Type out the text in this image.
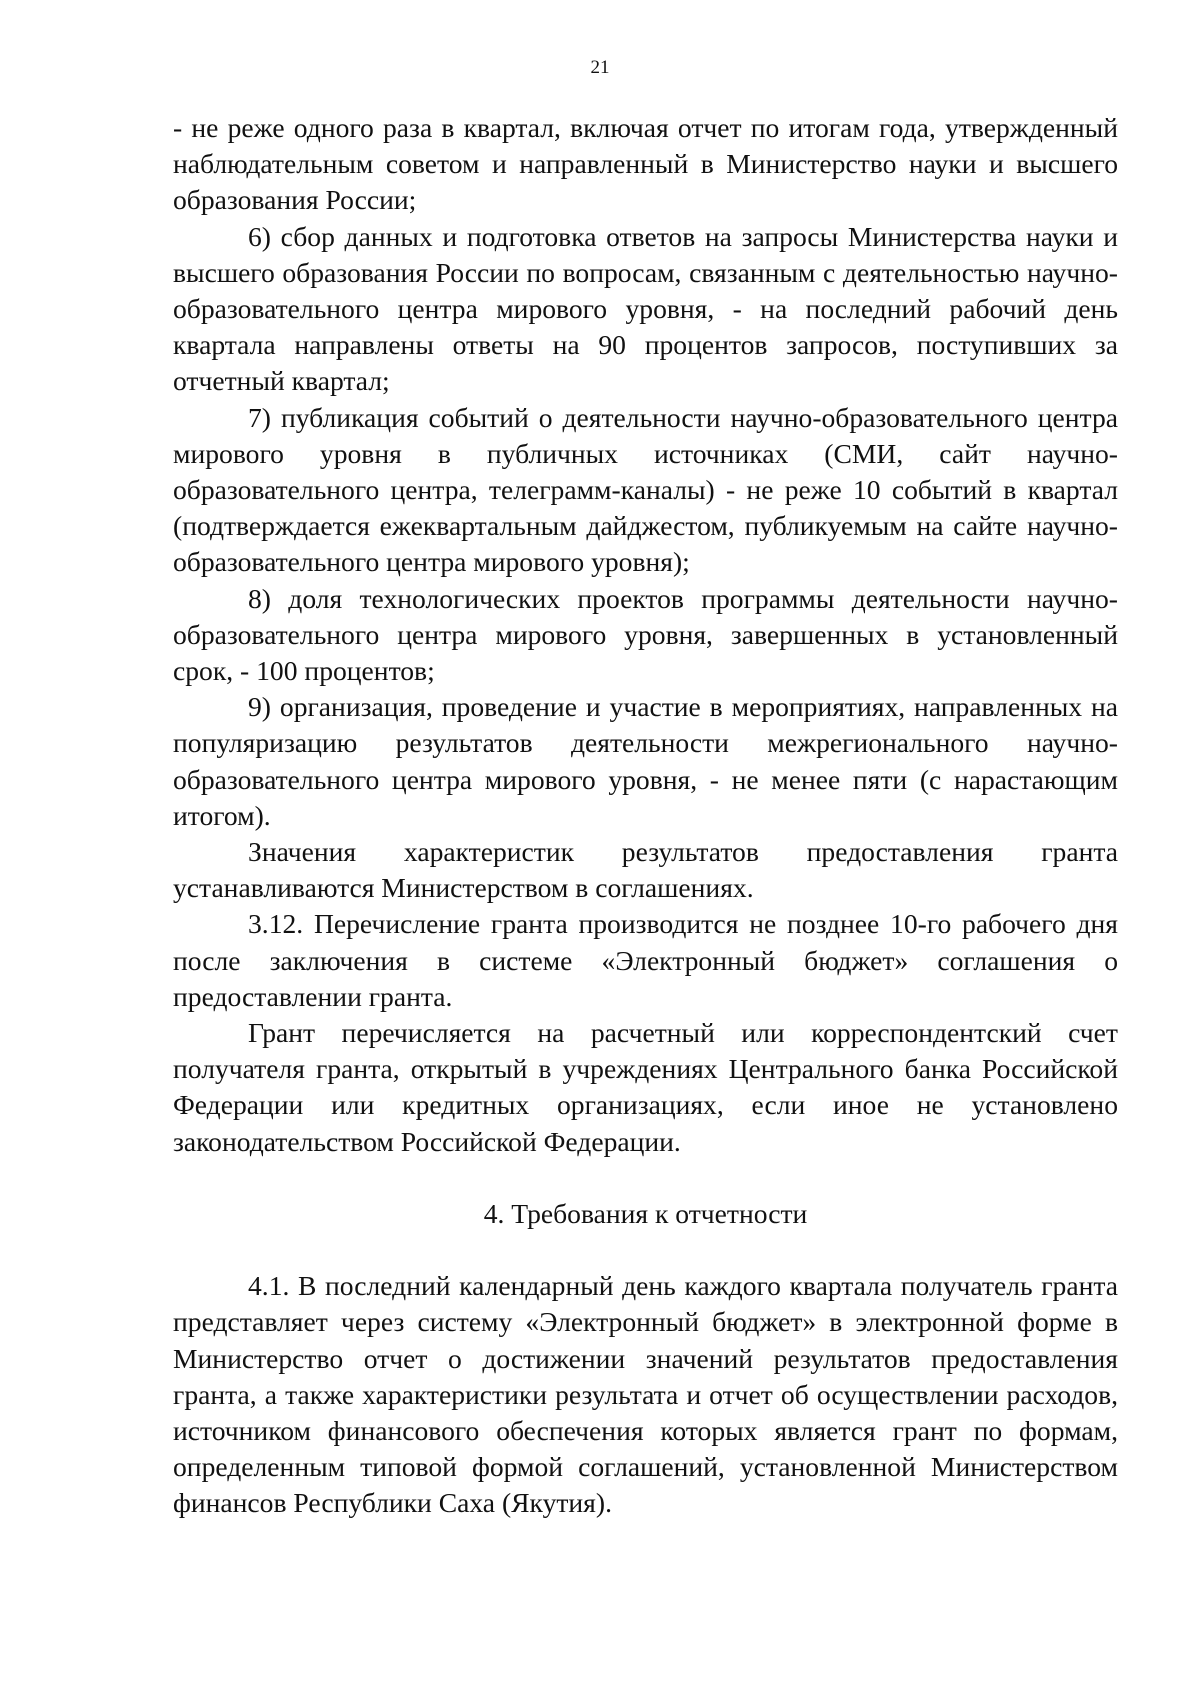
21

- не реже одного раза в квартал, включая отчет по итогам года, утвержденный наблюдательным советом и направленный в Министерство науки и высшего образования России;

6) сбор данных и подготовка ответов на запросы Министерства науки и высшего образования России по вопросам, связанным с деятельностью научно-образовательного центра мирового уровня, - на последний рабочий день квартала направлены ответы на 90 процентов запросов, поступивших за отчетный квартал;

7) публикация событий о деятельности научно-образовательного центра мирового уровня в публичных источниках (СМИ, сайт научно-образовательного центра, телеграмм-каналы) - не реже 10 событий в квартал (подтверждается ежеквартальным дайджестом, публикуемым на сайте научно-образовательного центра мирового уровня);

8) доля технологических проектов программы деятельности научно-образовательного центра мирового уровня, завершенных в установленный срок, - 100 процентов;

9) организация, проведение и участие в мероприятиях, направленных на популяризацию результатов деятельности межрегионального научно-образовательного центра мирового уровня, - не менее пяти (с нарастающим итогом).

Значения характеристик результатов предоставления гранта устанавливаются Министерством в соглашениях.

3.12. Перечисление гранта производится не позднее 10-го рабочего дня после заключения в системе «Электронный бюджет» соглашения о предоставлении гранта.

Грант перечисляется на расчетный или корреспондентский счет получателя гранта, открытый в учреждениях Центрального банка Российской Федерации или кредитных организациях, если иное не установлено законодательством Российской Федерации.

4. Требования к отчетности

4.1. В последний календарный день каждого квартала получатель гранта представляет через систему «Электронный бюджет» в электронной форме в Министерство отчет о достижении значений результатов предоставления гранта, а также характеристики результата и отчет об осуществлении расходов, источником финансового обеспечения которых является грант по формам, определенным типовой формой соглашений, установленной Министерством финансов Республики Саха (Якутия).
